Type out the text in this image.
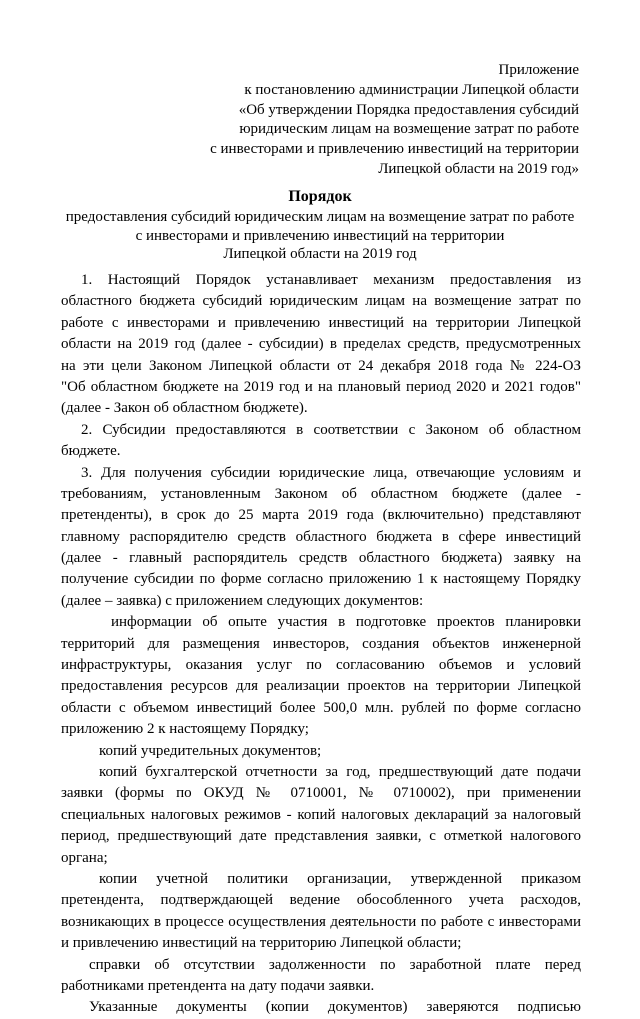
Приложение
к постановлению администрации Липецкой области
«Об утверждении Порядка предоставления субсидий
юридическим лицам на возмещение затрат по работе
с инвесторами и привлечению инвестиций на территории
Липецкой области на 2019 год»
Порядок
предоставления субсидий юридическим лицам на возмещение затрат по работе
с инвесторами и привлечению инвестиций на территории
Липецкой области на 2019 год
1. Настоящий Порядок устанавливает механизм предоставления из
областного бюджета субсидий юридическим лицам на возмещение затрат по
работе с инвесторами и привлечению инвестиций на территории Липецкой
области на 2019 год (далее - субсидии) в пределах средств, предусмотренных
на эти цели Законом Липецкой области от 24 декабря 2018 года № 224-ОЗ
"Об областном бюджете на 2019 год и на плановый период 2020 и 2021 годов"
(далее - Закон об областном бюджете).
2. Субсидии предоставляются в соответствии с Законом об областном
бюджете.
3. Для получения субсидии юридические лица, отвечающие условиям и
требованиям, установленным Законом об областном бюджете (далее -
претенденты), в срок до 25 марта 2019 года (включительно) представляют
главному распорядителю средств областного бюджета в сфере инвестиций
(далее - главный распорядитель средств областного бюджета) заявку на
получение субсидии по форме согласно приложению 1 к настоящему Порядку
(далее – заявка) с приложением следующих документов:
информации об опыте участия в подготовке проектов планировки
территорий для размещения инвесторов, создания объектов инженерной
инфраструктуры, оказания услуг по согласованию объемов и условий
предоставления ресурсов для реализации проектов на территории Липецкой
области с объемом инвестиций более 500,0 млн. рублей по форме согласно
приложению 2 к настоящему Порядку;
копий учредительных документов;
копий бухгалтерской отчетности за год, предшествующий дате подачи
заявки (формы по ОКУД № 0710001, № 0710002), при применении
специальных налоговых режимов - копий налоговых деклараций за налоговый
период, предшествующий дате представления заявки, с отметкой налогового
органа;
копии учетной политики организации, утвержденной приказом
претендента, подтверждающей ведение обособленного учета расходов,
возникающих в процессе осуществления деятельности по работе с инвесторами
и привлечению инвестиций на территорию Липецкой области;
справки об отсутствии задолженности по заработной плате перед
работниками претендента на дату подачи заявки.
Указанные документы (копии документов) заверяются подписью
